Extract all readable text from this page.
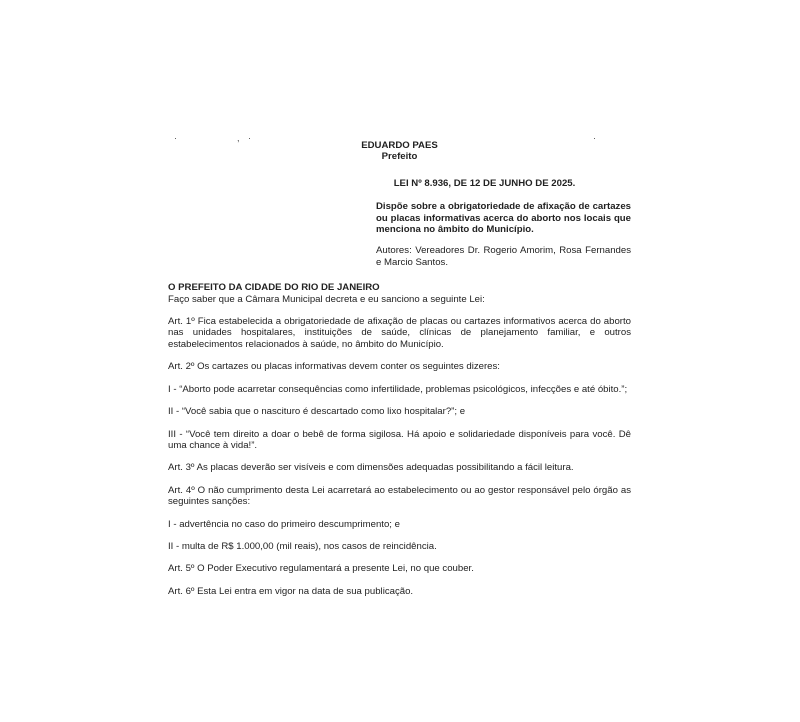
·	, ·	·
EDUARDO PAES
Prefeito
LEI Nº 8.936, DE 12 DE JUNHO DE 2025.
Dispõe sobre a obrigatoriedade de afixação de cartazes ou placas informativas acerca do aborto nos locais que menciona no âmbito do Município.
Autores: Vereadores Dr. Rogerio Amorim, Rosa Fernandes e Marcio Santos.
O PREFEITO DA CIDADE DO RIO DE JANEIRO

Faço saber que a Câmara Municipal decreta e eu sanciono a seguinte Lei:

Art. 1º Fica estabelecida a obrigatoriedade de afixação de placas ou cartazes informativos acerca do aborto nas unidades hospitalares, instituições de saúde, clínicas de planejamento familiar, e outros estabelecimentos relacionados à saúde, no âmbito do Município.

Art. 2º Os cartazes ou placas informativas devem conter os seguintes dizeres:

I - “Aborto pode acarretar consequências como infertilidade, problemas psicológicos, infecções e até óbito.”;

II - “Você sabia que o nascituro é descartado como lixo hospitalar?”; e

III - “Você tem direito a doar o bebê de forma sigilosa. Há apoio e solidariedade disponíveis para você. Dê uma chance à vida!”.

Art. 3º As placas deverão ser visíveis e com dimensões adequadas possibilitando a fácil leitura.

Art. 4º O não cumprimento desta Lei acarretará ao estabelecimento ou ao gestor responsável pelo órgão as seguintes sanções:

I - advertência no caso do primeiro descumprimento; e

II - multa de R$ 1.000,00 (mil reais), nos casos de reincidência.

Art. 5º O Poder Executivo regulamentará a presente Lei, no que couber.

Art. 6º Esta Lei entra em vigor na data de sua publicação.
